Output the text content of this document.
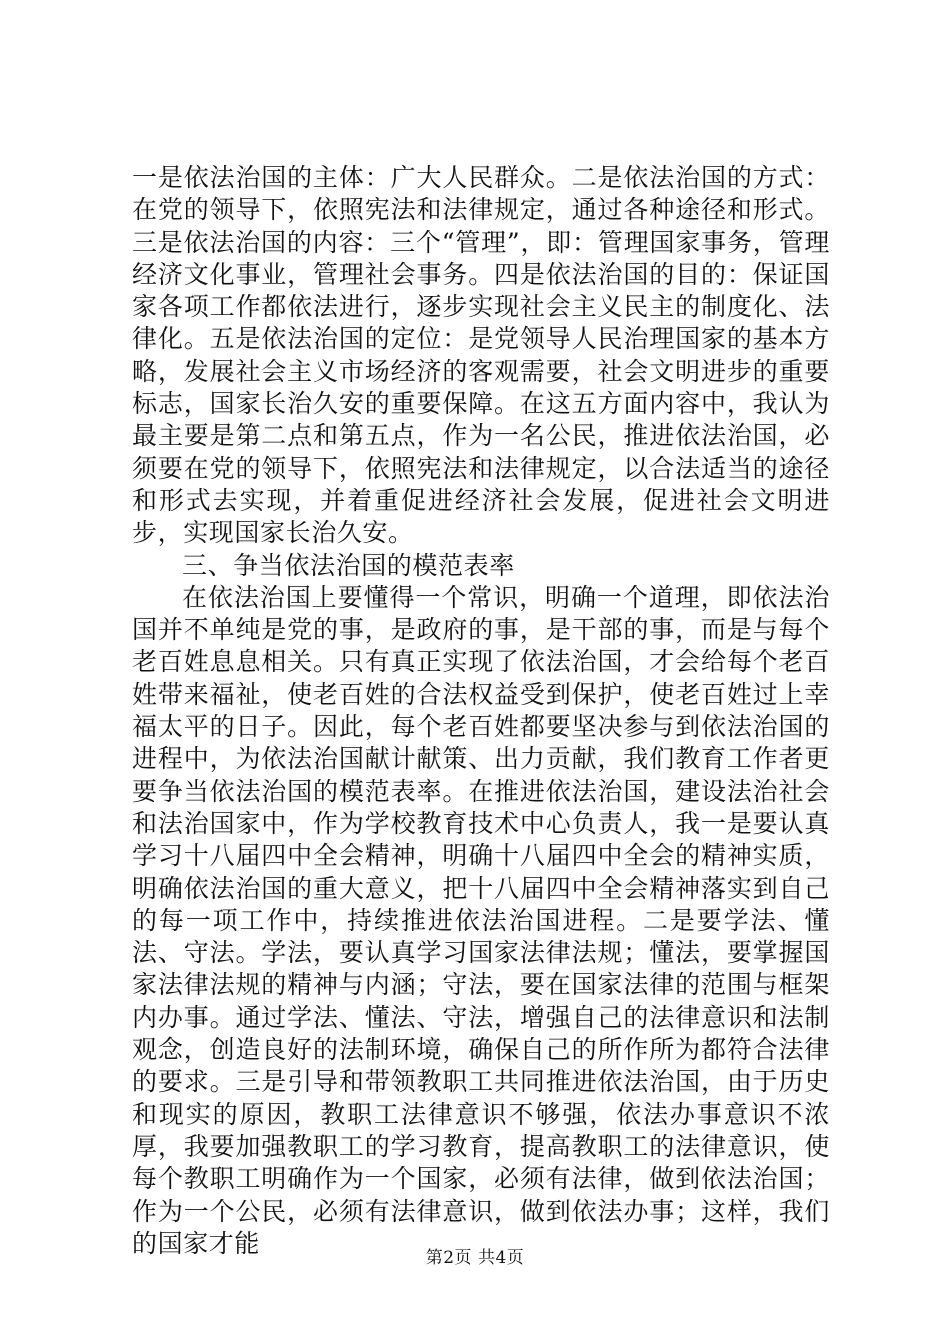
一是依法治国的主体：广大人民群众。二是依法治国的方式：在党的领导下，依照宪法和法律规定，通过各种途径和形式。三是依法治国的内容：三个“管理”，即：管理国家事务，管理经济文化事业，管理社会事务。四是依法治国的目的：保证国家各项工作都依法进行，逐步实现社会主义民主的制度化、法律化。五是依法治国的定位：是党领导人民治理国家的基本方略，发展社会主义市场经济的客观需要，社会文明进步的重要标志，国家长治久安的重要保障。在这五方面内容中，我认为最主要是第二点和第五点，作为一名公民，推进依法治国，必须要在党的领导下，依照宪法和法律规定，以合法适当的途径和形式去实现，并着重促进经济社会发展，促进社会文明进步，实现国家长治久安。

三、争当依法治国的模范表率

在依法治国上要懂得一个常识，明确一个道理，即依法治国并不单纯是党的事，是政府的事，是干部的事，而是与每个老百姓息息相关。只有真正实现了依法治国，才会给每个老百姓带来福祉，使老百姓的合法权益受到保护，使老百姓过上幸福太平的日子。因此，每个老百姓都要坚决参与到依法治国的进程中，为依法治国献计献策、出力贡献，我们教育工作者更要争当依法治国的模范表率。在推进依法治国，建设法治社会和法治国家中，作为学校教育技术中心负责人，我一是要认真学习十八届四中全会精神，明确十八届四中全会的精神实质，明确依法治国的重大意义，把十八届四中全会精神落实到自己的每一项工作中，持续推进依法治国进程。二是要学法、懂法、守法。学法，要认真学习国家法律法规；懂法，要掌握国家法律法规的精神与内涵；守法，要在国家法律的范围与框架内办事。通过学法、懂法、守法，增强自己的法律意识和法制观念，创造良好的法制环境，确保自己的所作所为都符合法律的要求。三是引导和带领教职工共同推进依法治国，由于历史和现实的原因，教职工法律意识不够强，依法办事意识不浓厚，我要加强教职工的学习教育，提高教职工的法律意识，使每个教职工明确作为一个国家，必须有法律，做到依法治国；作为一个公民，必须有法律意识，做到依法办事；这样，我们的国家才能

第2页 共4页
